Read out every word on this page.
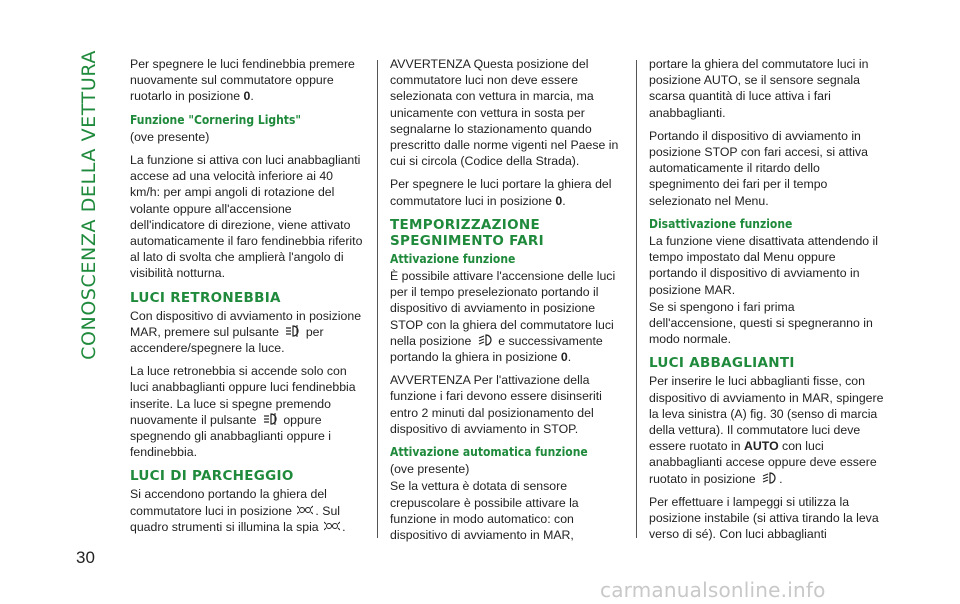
CONOSCENZA DELLA VETTURA
30

Per spegnere le luci fendinebbia premere nuovamente sul commutatore oppure ruotarlo in posizione 0.

Funzione "Cornering Lights"

(ove presente)

La funzione si attiva con luci anabbaglianti accese ad una velocità inferiore ai 40 km/h: per ampi angoli di rotazione del volante oppure all'accensione dell'indicatore di direzione, viene attivato automaticamente il faro fendinebbia riferito al lato di svolta che amplierà l'angolo di visibilità notturna.

LUCI RETRONEBBIA

Con dispositivo di avviamento in posizione MAR, premere sul pulsante per accendere/spegnere la luce.

La luce retronebbia si accende solo con luci anabbaglianti oppure luci fendinebbia inserite. La luce si spegne premendo nuovamente il pulsante oppure spegnendo gli anabbaglianti oppure i fendinebbia.

LUCI DI PARCHEGGIO

Si accendono portando la ghiera del commutatore luci in posizione . Sul quadro strumenti si illumina la spia .

AVVERTENZA Questa posizione del commutatore luci non deve essere selezionata con vettura in marcia, ma unicamente con vettura in sosta per segnalarne lo stazionamento quando prescritto dalle norme vigenti nel Paese in cui si circola (Codice della Strada).

Per spegnere le luci portare la ghiera del commutatore luci in posizione 0.

TEMPORIZZAZIONE SPEGNIMENTO FARI
Attivazione funzione

È possibile attivare l'accensione delle luci per il tempo preselezionato portando il dispositivo di avviamento in posizione STOP con la ghiera del commutatore luci nella posizione e successivamente portando la ghiera in posizione 0.

AVVERTENZA Per l'attivazione della funzione i fari devono essere disinseriti entro 2 minuti dal posizionamento del dispositivo di avviamento in STOP.

Attivazione automatica funzione

(ove presente)

Se la vettura è dotata di sensore crepuscolare è possibile attivare la funzione in modo automatico: con dispositivo di avviamento in MAR,

portare la ghiera del commutatore luci in posizione AUTO, se il sensore segnala scarsa quantità di luce attiva i fari anabbaglianti.

Portando il dispositivo di avviamento in posizione STOP con fari accesi, si attiva automaticamente il ritardo dello spegnimento dei fari per il tempo selezionato nel Menu.

Disattivazione funzione

La funzione viene disattivata attendendo il tempo impostato dal Menu oppure portando il dispositivo di avviamento in posizione MAR.

Se si spengono i fari prima dell'accensione, questi si spegneranno in modo normale.

LUCI ABBAGLIANTI

Per inserire le luci abbaglianti fisse, con dispositivo di avviamento in MAR, spingere la leva sinistra (A) fig. 30 (senso di marcia della vettura). Il commutatore luci deve essere ruotato in AUTO con luci anabbaglianti accese oppure deve essere ruotato in posizione .

Per effettuare i lampeggi si utilizza la posizione instabile (si attiva tirando la leva verso di sé). Con luci abbaglianti

carmanualsonline.info
